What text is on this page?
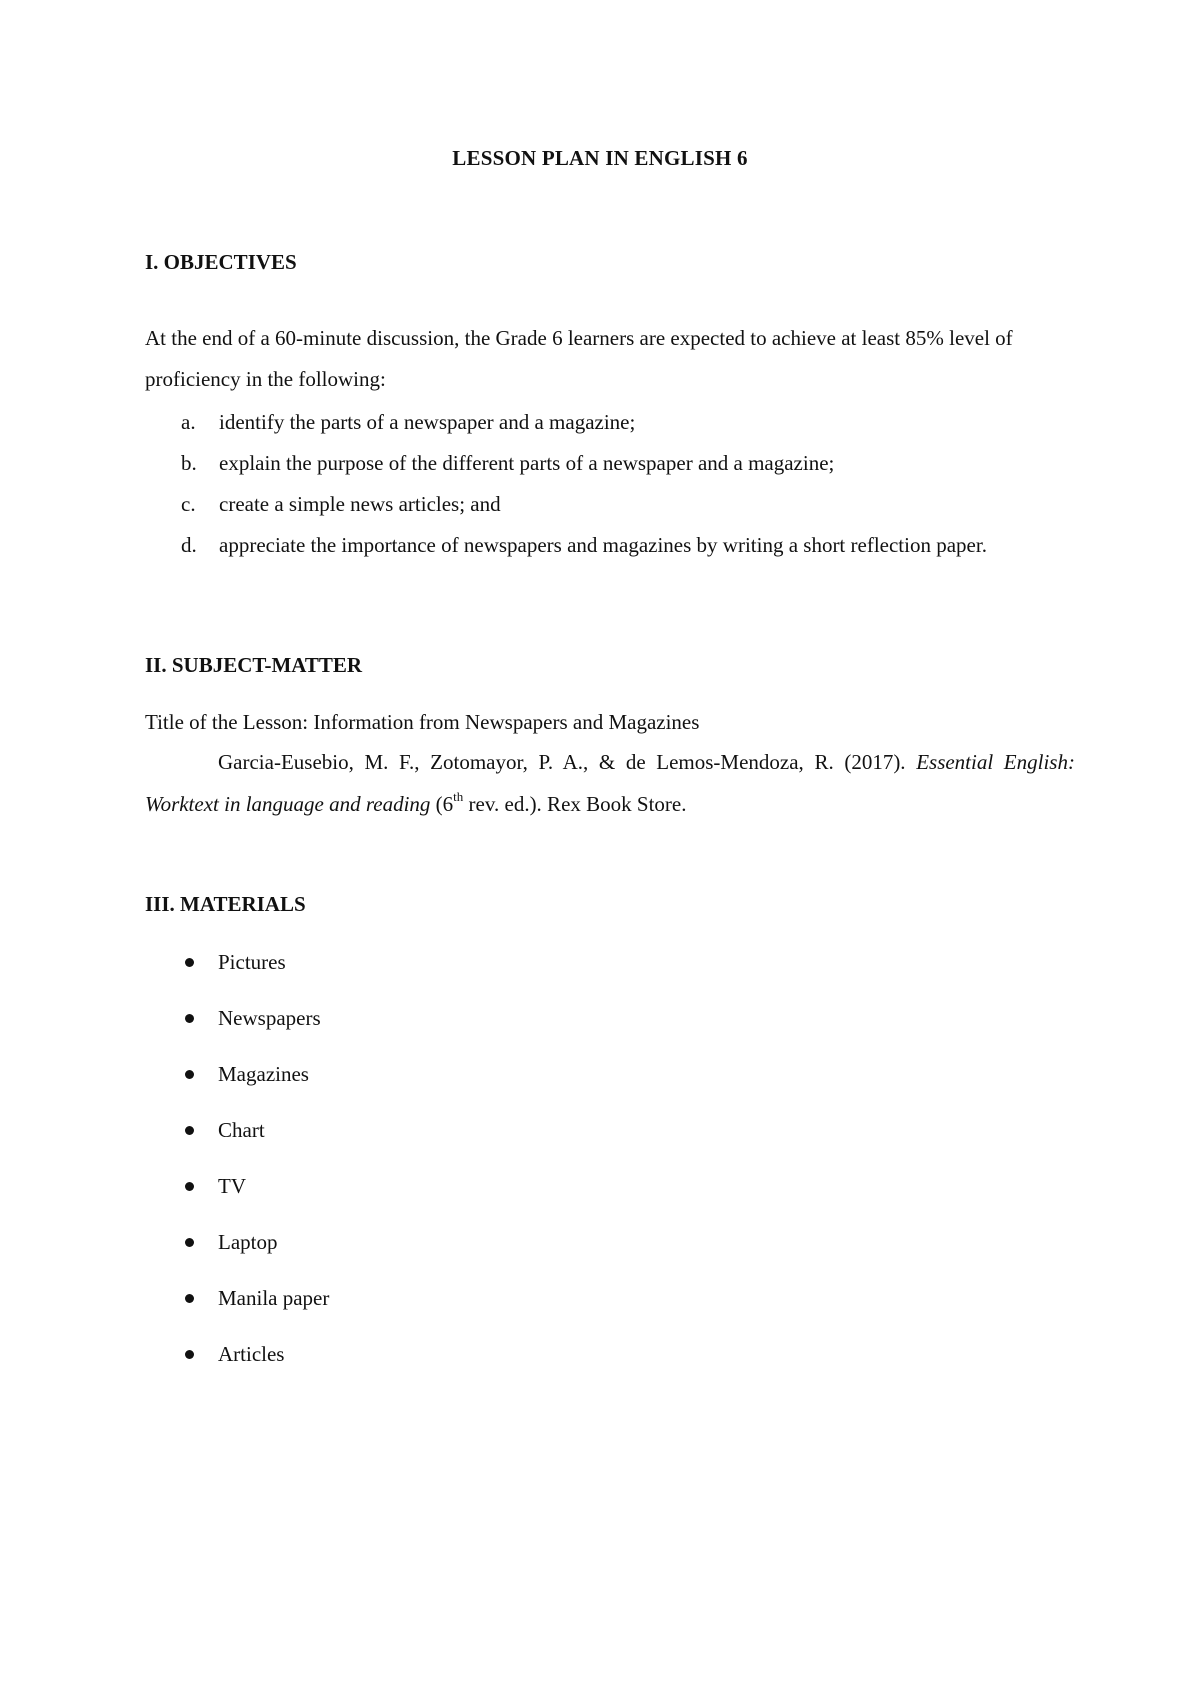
LESSON PLAN IN ENGLISH 6
I. OBJECTIVES
At the end of a 60-minute discussion, the Grade 6 learners are expected to achieve at least 85% level of proficiency in the following:
a. identify the parts of a newspaper and a magazine;
b. explain the purpose of the different parts of a newspaper and a magazine;
c. create a simple news articles; and
d. appreciate the importance of newspapers and magazines by writing a short reflection paper.
II. SUBJECT-MATTER
Title of the Lesson: Information from Newspapers and Magazines
Garcia-Eusebio, M. F., Zotomayor, P. A., & de Lemos-Mendoza, R. (2017). Essential English: Worktext in language and reading (6th rev. ed.). Rex Book Store.
III. MATERIALS
Pictures
Newspapers
Magazines
Chart
TV
Laptop
Manila paper
Articles
